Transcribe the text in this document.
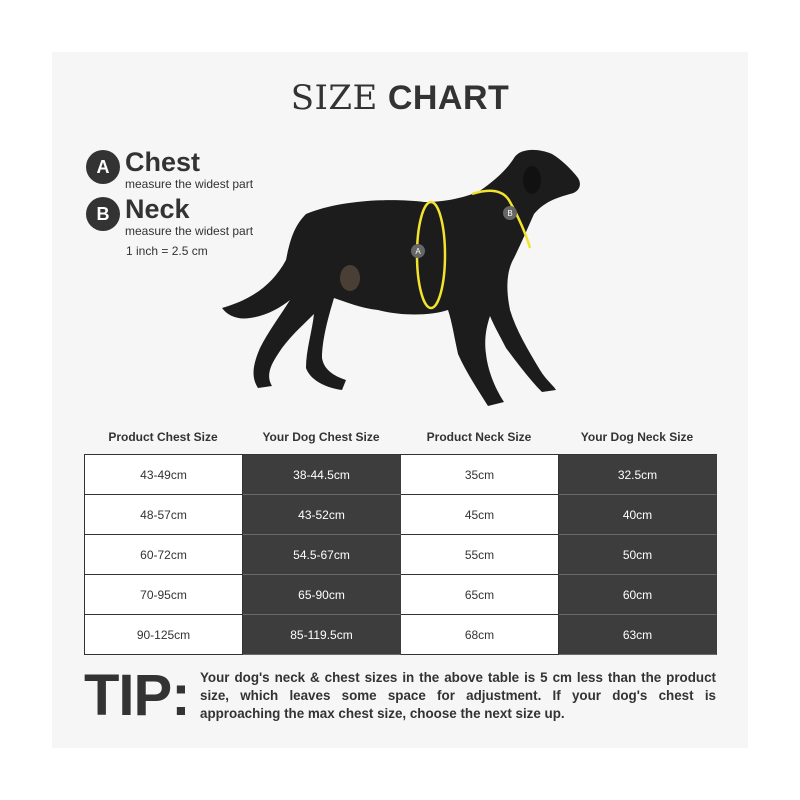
SIZE CHART
A Chest
measure the widest part
B Neck
measure the widest part
1 inch = 2.5 cm	A
B
Product Chest Size	Your Dog Chest Size	Product Neck Size	Your Dog Neck Size
43-49cm	38-44.5cm	35cm	32.5cm
48-57cm	43-52cm	45cm	40cm
60-72cm	54.5-67cm	55cm	50cm
70-95cm	65-90cm	65cm	60cm
90-125cm	85-119.5cm	68cm	63cm
TIP: Your dog's neck & chest sizes in the above table is 5 cm less than the product size, which leaves some space for adjustment. If your dog's chest is approaching the max chest size, choose the next size up.
